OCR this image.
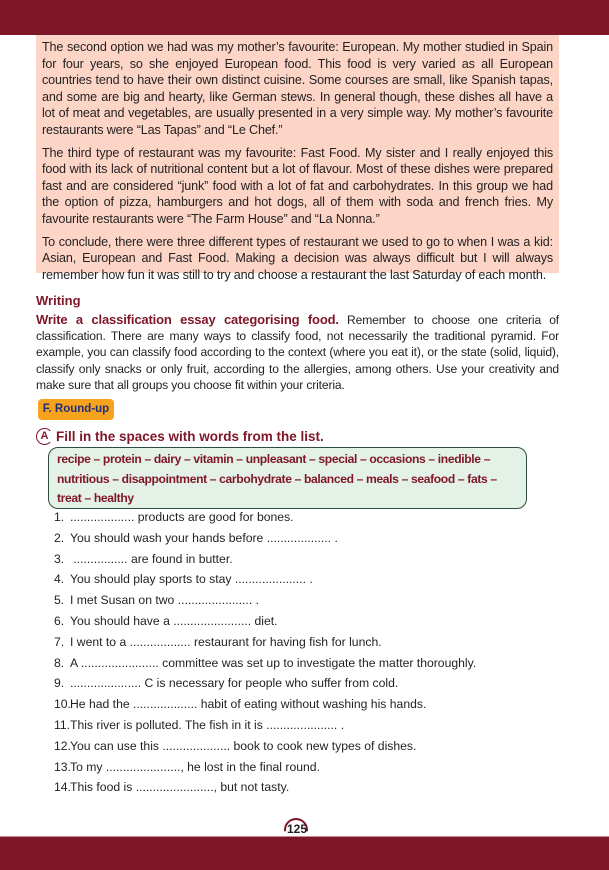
The second option we had was my mother’s favourite: European. My mother studied in Spain for four years, so she enjoyed European food. This food is very varied as all European countries tend to have their own distinct cuisine. Some courses are small, like Spanish tapas, and some are big and hearty, like German stews. In general though, these dishes all have a lot of meat and vegetables, are usually presented in a very simple way. My mother’s favourite restaurants were “Las Tapas” and “Le Chef.”

The third type of restaurant was my favourite: Fast Food. My sister and I really enjoyed this food with its lack of nutritional content but a lot of flavour. Most of these dishes were prepared fast and are considered “junk” food with a lot of fat and carbohydrates. In this group we had the option of pizza, hamburgers and hot dogs, all of them with soda and french fries. My favourite restaurants were “The Farm House” and “La Nonna.”

To conclude, there were three different types of restaurant we used to go to when I was a kid: Asian, European and Fast Food. Making a decision was always difficult but I will always remember how fun it was still to try and choose a restaurant the last Saturday of each month.

Writing

Write a classification essay categorising food. Remember to choose one criteria of classification. There are many ways to classify food, not necessarily the traditional pyramid. For example, you can classify food according to the context (where you eat it), or the state (solid, liquid), classify only snacks or only fruit, according to the allergies, among others. Use your creativity and make sure that all groups you choose fit within your criteria.

F. Round-up
A Fill in the spaces with words from the list.
recipe – protein – dairy – vitamin – unpleasant – special – occasions – inedible –
nutritious – disappointment – carbohydrate – balanced – meals – seafood – fats –
treat – healthy
1. ................... products are good for bones.
2. You should wash your hands before ................... .
3. ................ are found in butter.
4. You should play sports to stay ..................... .
5. I met Susan on two ...................... .
6. You should have a ....................... diet.
7. I went to a .................. restaurant for having fish for lunch.
8. A ....................... committee was set up to investigate the matter thoroughly.
9. ..................... C is necessary for people who suffer from cold.
10. He had the ................... habit of eating without washing his hands.
11. This river is polluted. The fish in it is ..................... .
12. You can use this .................... book to cook new types of dishes.
13. To my ......................, he lost in the final round.
14. This food is ......................., but not tasty.
125
